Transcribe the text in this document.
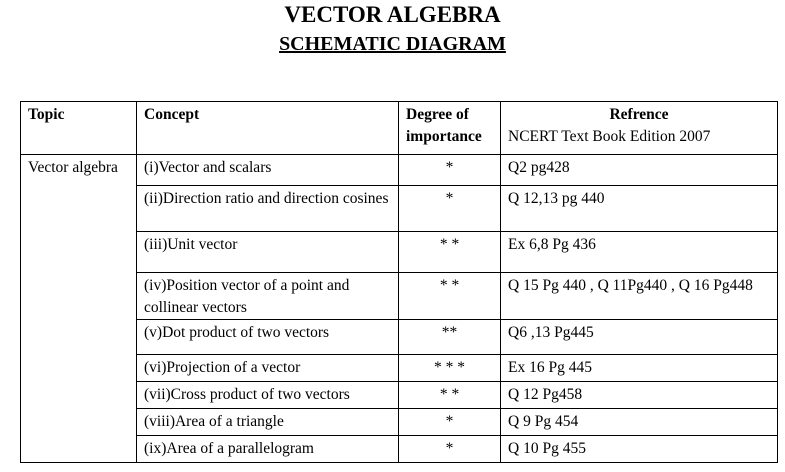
VECTOR ALGEBRA
SCHEMATIC DIAGRAM

Topic	Concept	Degree of importance	Refrence
NCERT Text Book Edition 2007

Vector algebra	(i)Vector and scalars	*	Q2 pg428
	(ii)Direction ratio and direction cosines	*	Q 12,13 pg 440
	(iii)Unit vector	* *	Ex 6,8 Pg 436
	(iv)Position vector of a point and collinear vectors	* *	Q 15 Pg 440 , Q 11Pg440 , Q 16 Pg448
	(v)Dot product of two vectors	**	Q6 ,13 Pg445
	(vi)Projection of a vector	* * *	Ex 16 Pg 445
	(vii)Cross product of two vectors	* *	Q 12 Pg458
	(viii)Area of a triangle	*	Q 9 Pg 454
	(ix)Area of a parallelogram	*	Q 10 Pg 455
